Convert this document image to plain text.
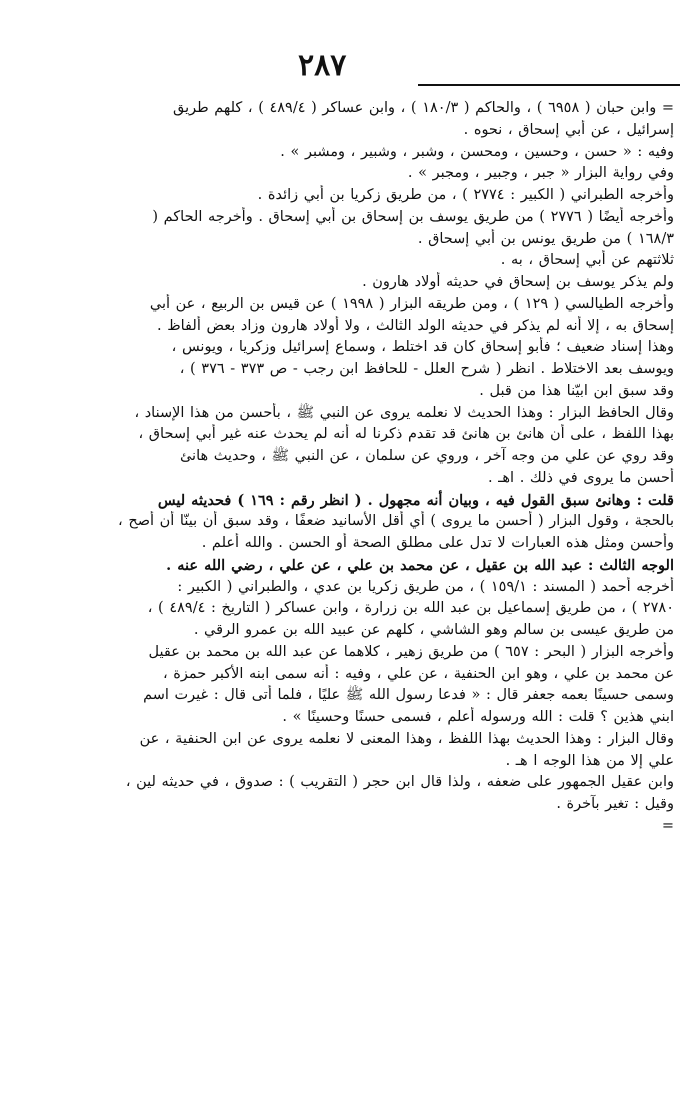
٢٨٧
= وابن حبان ( ٦٩٥٨ ) ، والحاكم ( ١٨٠/٣ ) ، وابن عساكر ( ٤٨٩/٤ ) ، كلهم طريق
إسرائيل ، عن أبي إسحاق ، نحوه .
وفيه : « حسن ، وحسين ، ومحسن ، وشبر ، وشبير ، ومشبر » .
وفي رواية البزار « جبر ، وجبير ، ومجبر » .
وأخرجه الطبراني ( الكبير : ٢٧٧٤ ) ، من طريق زكريا بن أبي زائدة .
وأخرجه أيضًا ( ٢٧٧٦ ) من طريق يوسف بن إسحاق بن أبي إسحاق . وأخرجه الحاكم (
١٦٨/٣ ) من طريق يونس بن أبي إسحاق .
ثلاثتهم عن أبي إسحاق ، به .
ولم يذكر يوسف بن إسحاق في حديثه أولاد هارون .
وأخرجه الطيالسي ( ١٢٩ ) ، ومن طريقه البزار ( ١٩٩٨ ) عن قيس بن الربيع ، عن أبي
إسحاق به ، إلا أنه لم يذكر في حديثه الولد الثالث ، ولا أولاد هارون وزاد بعض ألفاظ .
وهذا إسناد ضعيف ؛ فأبو إسحاق كان قد اختلط ، وسماع إسرائيل وزكريا ، ويونس ،
ويوسف بعد الاختلاط . انظر ( شرح العلل - للحافظ ابن رجب - ص ٣٧٣ - ٣٧٦ ) ،
وقد سبق ابن ابيّنا هذا من قبل .
وقال الحافظ البزار : وهذا الحديث لا نعلمه يروى عن النبي ﷺ ، بأحسن من هذا الإسناد ،
بهذا اللفظ ، على أن هانئ بن هانئ قد تقدم ذكرنا له أنه لم يحدث عنه غير أبي إسحاق ،
وقد روي عن علي من وجه آخر ، وروي عن سلمان ، عن النبي ﷺ ، وحديث هانئ
أحسن ما يروى في ذلك . اهـ .
قلت : وهانئ سبق القول فيه ، وبيان أنه مجهول . ( انظر رقم : ١٦٩ ) فحديثه ليس
بالحجة ، وقول البزار ( أحسن ما يروى ) أي أقل الأسانيد ضعفًا ، وقد سبق أن بينّا أن أصح ،
وأحسن ومثل هذه العبارات لا تدل على مطلق الصحة أو الحسن . والله أعلم .
الوجه الثالث : عبد الله بن عقيل ، عن محمد بن علي ، عن علي ، رضي الله عنه .
أخرجه أحمد ( المسند : ١٥٩/١ ) ، من طريق زكريا بن عدي ، والطبراني ( الكبير :
٢٧٨٠ ) ، من طريق إسماعيل بن عبد الله بن زرارة ، وابن عساكر ( التاريخ : ٤٨٩/٤ ) ،
من طريق عيسى بن سالم وهو الشاشي ، كلهم عن عبيد الله بن عمرو الرقي .
وأخرجه البزار ( البحر : ٦٥٧ ) من طريق زهير ، كلاهما عن عبد الله بن محمد بن عقيل
عن محمد بن علي ، وهو ابن الحنفية ، عن علي ، وفيه : أنه سمى ابنه الأكبر حمزة ،
وسمى حسينًا بعمه جعفر قال : « فدعا رسول الله ﷺ عليًا ، فلما أتى قال : غيرت اسم
ابني هذين ؟ قلت : الله ورسوله أعلم ، فسمى حسنًا وحسينًا » .
وقال البزار : وهذا الحديث بهذا اللفظ ، وهذا المعنى لا نعلمه يروى عن ابن الحنفية ، عن
علي إلا من هذا الوجه ا هـ .
وابن عقيل الجمهور على ضعفه ، ولذا قال ابن حجر ( التقريب ) : صدوق ، في حديثه لين ،
وقيل : تغير بآخرة .
=
